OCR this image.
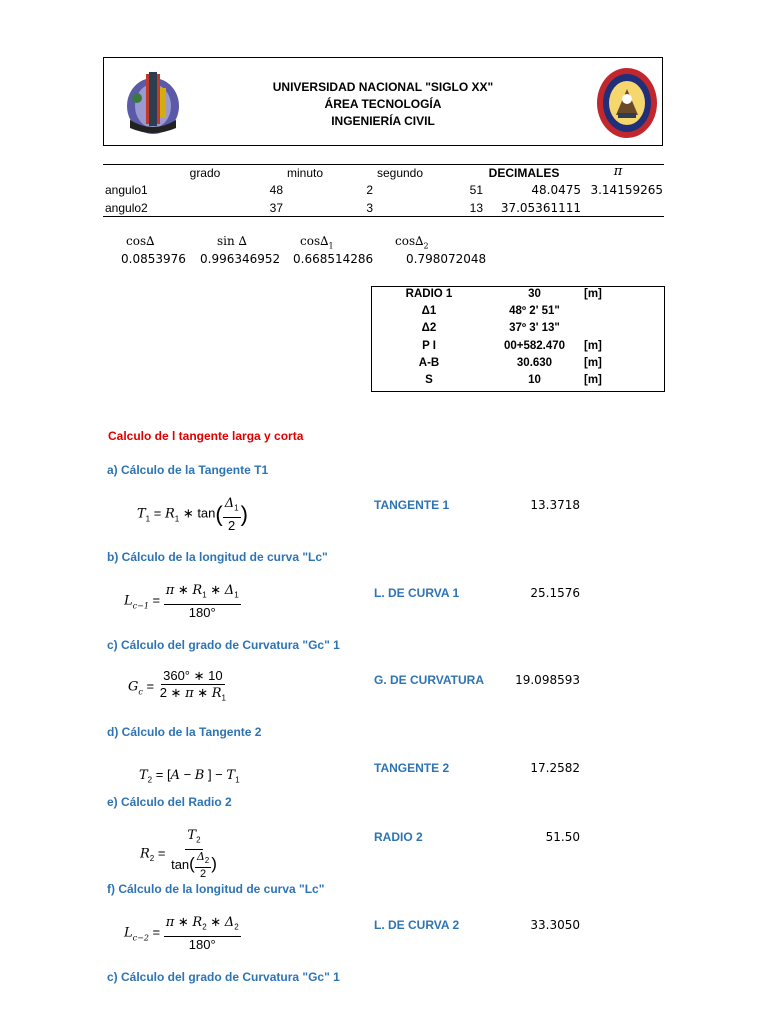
UNIVERSIDAD NACIONAL "SIGLO XX"
ÁREA TECNOLOGÍA
INGENIERÍA CIVIL
grado	minuto	segundo	DECIMALES	π
angulo1	48	2	51	48.0475 3.14159265
angulo2	37	3	13	37.05361111
cos∆	sin ∆	$\cos\Delta_1$	$\cos\Delta_2$
0.0853976 0.996346952 0.668514286	0.798072048
RADIO 1	30	[m]
Δ1	48º 2' 51"
Δ2	37º 3' 13"
P I	00+582.470	[m]
A-B	30.630	[m]
S	10	[m]
Calculo de l tangente larga y corta
a) Cálculo de la Tangente T1
$T_1 = R_1$ ∗ $\tan( \frac{\Delta_1}{2}$ )	TANGENTE 1	13.3718
b) Cálculo de la longitud de curva "Lc"
$L_{c-1} = \frac{\pi ∗ R_1 ∗ \Delta_1}{180^\circ}$	L. DE CURVA 1	25.1576
c) Cálculo del grado de Curvatura "Gc" 1
$G_c = \frac{360^\circ ∗ 10}{2 ∗ \pi ∗ R_1}$	G. DE CURVATURA	19.098593
d) Cálculo de la Tangente 2
$T_2 = [A - B$ ] − $T_1$
TANGENTE 2	17.2582
e) Cálculo del Radio 2
$R_2 = \frac{T_2}{\tan( \frac{\Delta_2}{2} )}$	RADIO 2	51.50
f) Cálculo de la longitud de curva "Lc"
$L_{c-2} = \frac{\pi ∗ R_2 ∗ \Delta_2}{180^\circ}$	L. DE CURVA 2	33.3050
c) Cálculo del grado de Curvatura "Gc" 1
